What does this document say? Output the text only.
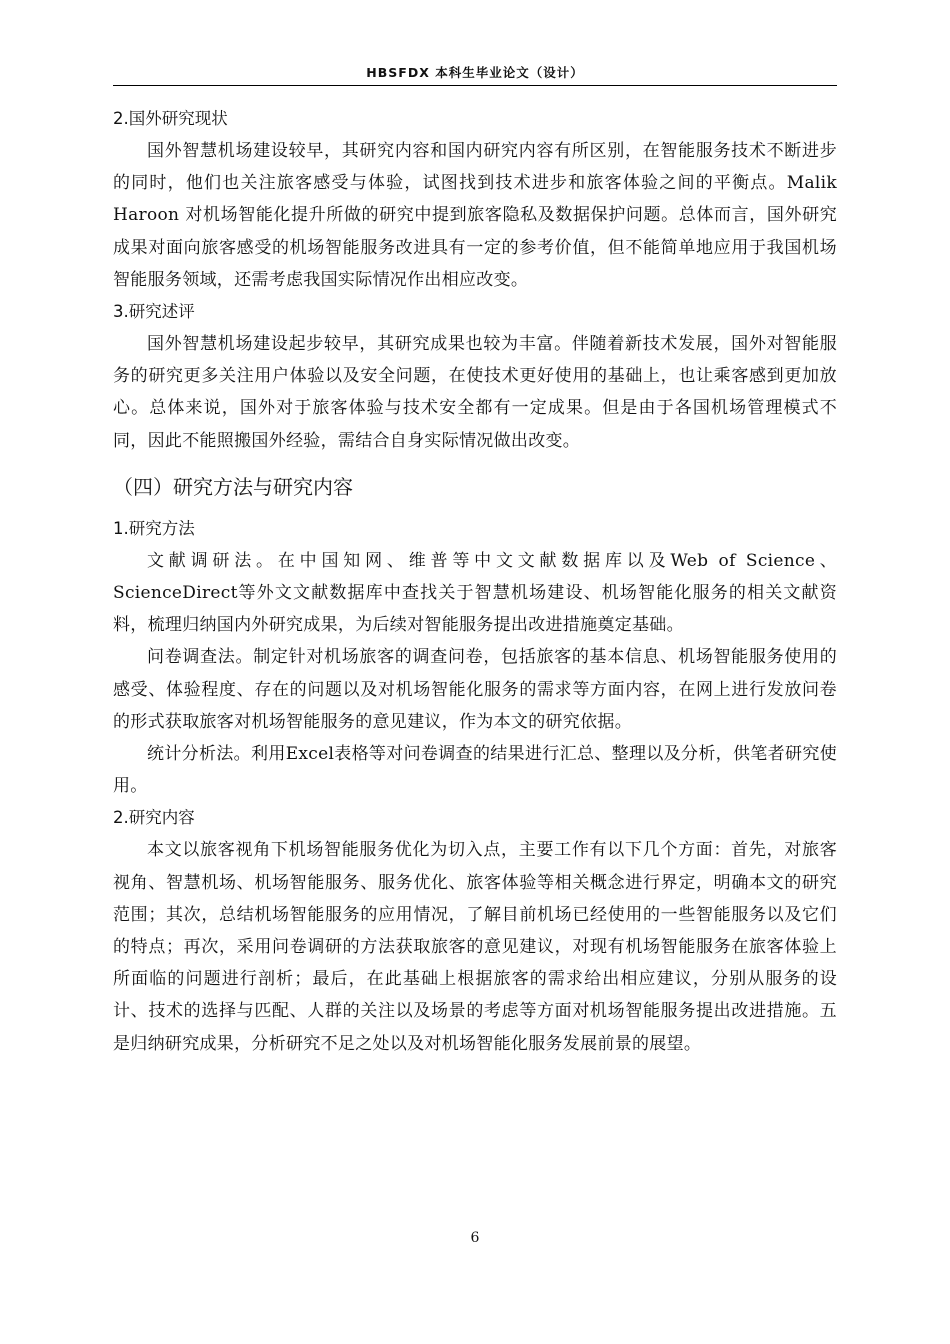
HBSFDX 本科生毕业论文（设计）
2.国外研究现状
国外智慧机场建设较早，其研究内容和国内研究内容有所区别，在智能服务技术不断进步的同时，他们也关注旅客感受与体验，试图找到技术进步和旅客体验之间的平衡点。Malik Haroon 对机场智能化提升所做的研究中提到旅客隐私及数据保护问题。总体而言，国外研究成果对面向旅客感受的机场智能服务改进具有一定的参考价值，但不能简单地应用于我国机场智能服务领域，还需考虑我国实际情况作出相应改变。
3.研究述评
国外智慧机场建设起步较早，其研究成果也较为丰富。伴随着新技术发展，国外对智能服务的研究更多关注用户体验以及安全问题，在使技术更好使用的基础上，也让乘客感到更加放心。总体来说，国外对于旅客体验与技术安全都有一定成果。但是由于各国机场管理模式不同，因此不能照搬国外经验，需结合自身实际情况做出改变。
（四）研究方法与研究内容
1.研究方法
文献调研法。在中国知网、维普等中文文献数据库以及Web of Science、ScienceDirect等外文文献数据库中查找关于智慧机场建设、机场智能化服务的相关文献资料，梳理归纳国内外研究成果，为后续对智能服务提出改进措施奠定基础。
问卷调查法。制定针对机场旅客的调查问卷，包括旅客的基本信息、机场智能服务使用的感受、体验程度、存在的问题以及对机场智能化服务的需求等方面内容，在网上进行发放问卷的形式获取旅客对机场智能服务的意见建议，作为本文的研究依据。
统计分析法。利用Excel表格等对问卷调查的结果进行汇总、整理以及分析，供笔者研究使用。
2.研究内容
本文以旅客视角下机场智能服务优化为切入点，主要工作有以下几个方面：首先，对旅客视角、智慧机场、机场智能服务、服务优化、旅客体验等相关概念进行界定，明确本文的研究范围；其次，总结机场智能服务的应用情况，了解目前机场已经使用的一些智能服务以及它们的特点；再次，采用问卷调研的方法获取旅客的意见建议，对现有机场智能服务在旅客体验上所面临的问题进行剖析；最后，在此基础上根据旅客的需求给出相应建议，分别从服务的设计、技术的选择与匹配、人群的关注以及场景的考虑等方面对机场智能服务提出改进措施。五是归纳研究成果，分析研究不足之处以及对机场智能化服务发展前景的展望。
6
